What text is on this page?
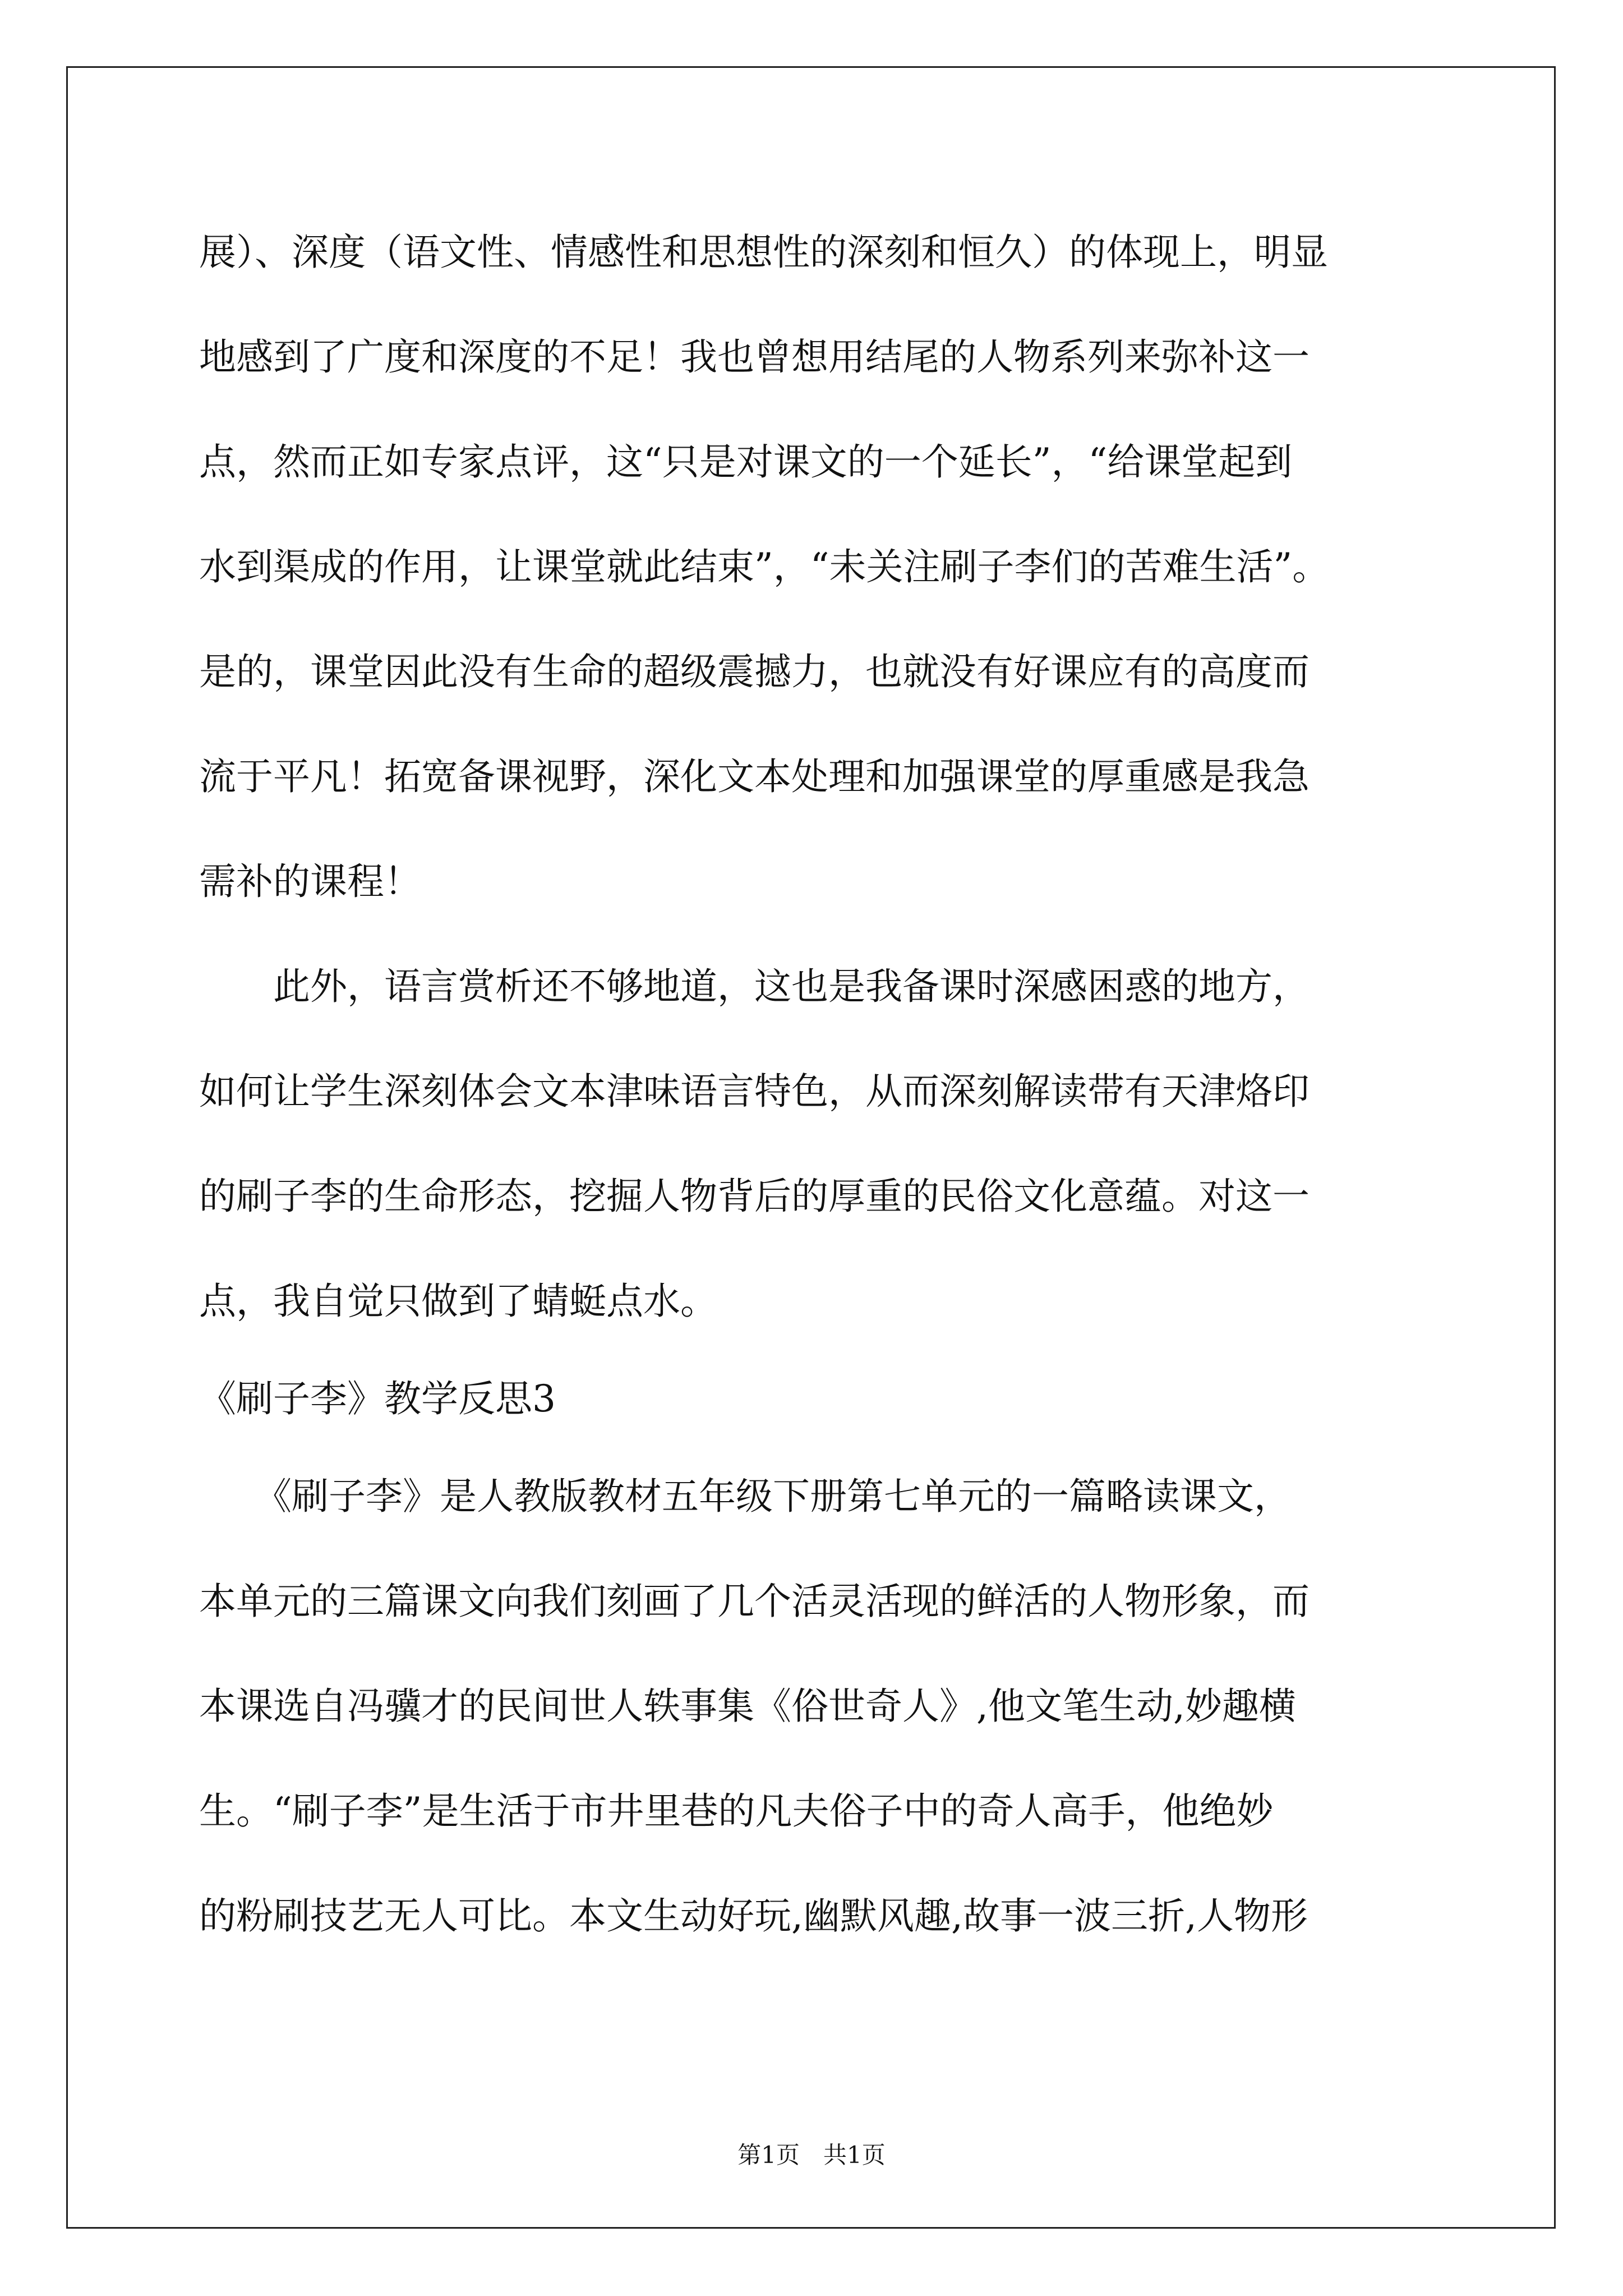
展）、深度（语文性、情感性和思想性的深刻和恒久）的体现上，明显
地感到了广度和深度的不足！我也曾想用结尾的人物系列来弥补这一
点，然而正如专家点评，这“只是对课文的一个延长”，“给课堂起到
水到渠成的作用，让课堂就此结束”，“未关注刷子李们的苦难生活”。
是的，课堂因此没有生命的超级震撼力，也就没有好课应有的高度而
流于平凡！拓宽备课视野，深化文本处理和加强课堂的厚重感是我急
需补的课程！
　　此外，语言赏析还不够地道，这也是我备课时深感困惑的地方，
如何让学生深刻体会文本津味语言特色，从而深刻解读带有天津烙印
的刷子李的生命形态，挖掘人物背后的厚重的民俗文化意蕴。对这一
点，我自觉只做到了蜻蜓点水。
《刷子李》教学反思3
　　《刷子李》是人教版教材五年级下册第七单元的一篇略读课文，
本单元的三篇课文向我们刻画了几个活灵活现的鲜活的人物形象，而
本课选自冯骥才的民间世人轶事集《俗世奇人》,他文笔生动,妙趣横
生。“刷子李”是生活于市井里巷的凡夫俗子中的奇人高手，他绝妙
的粉刷技艺无人可比。本文生动好玩,幽默风趣,故事一波三折,人物形
第1页　共1页
